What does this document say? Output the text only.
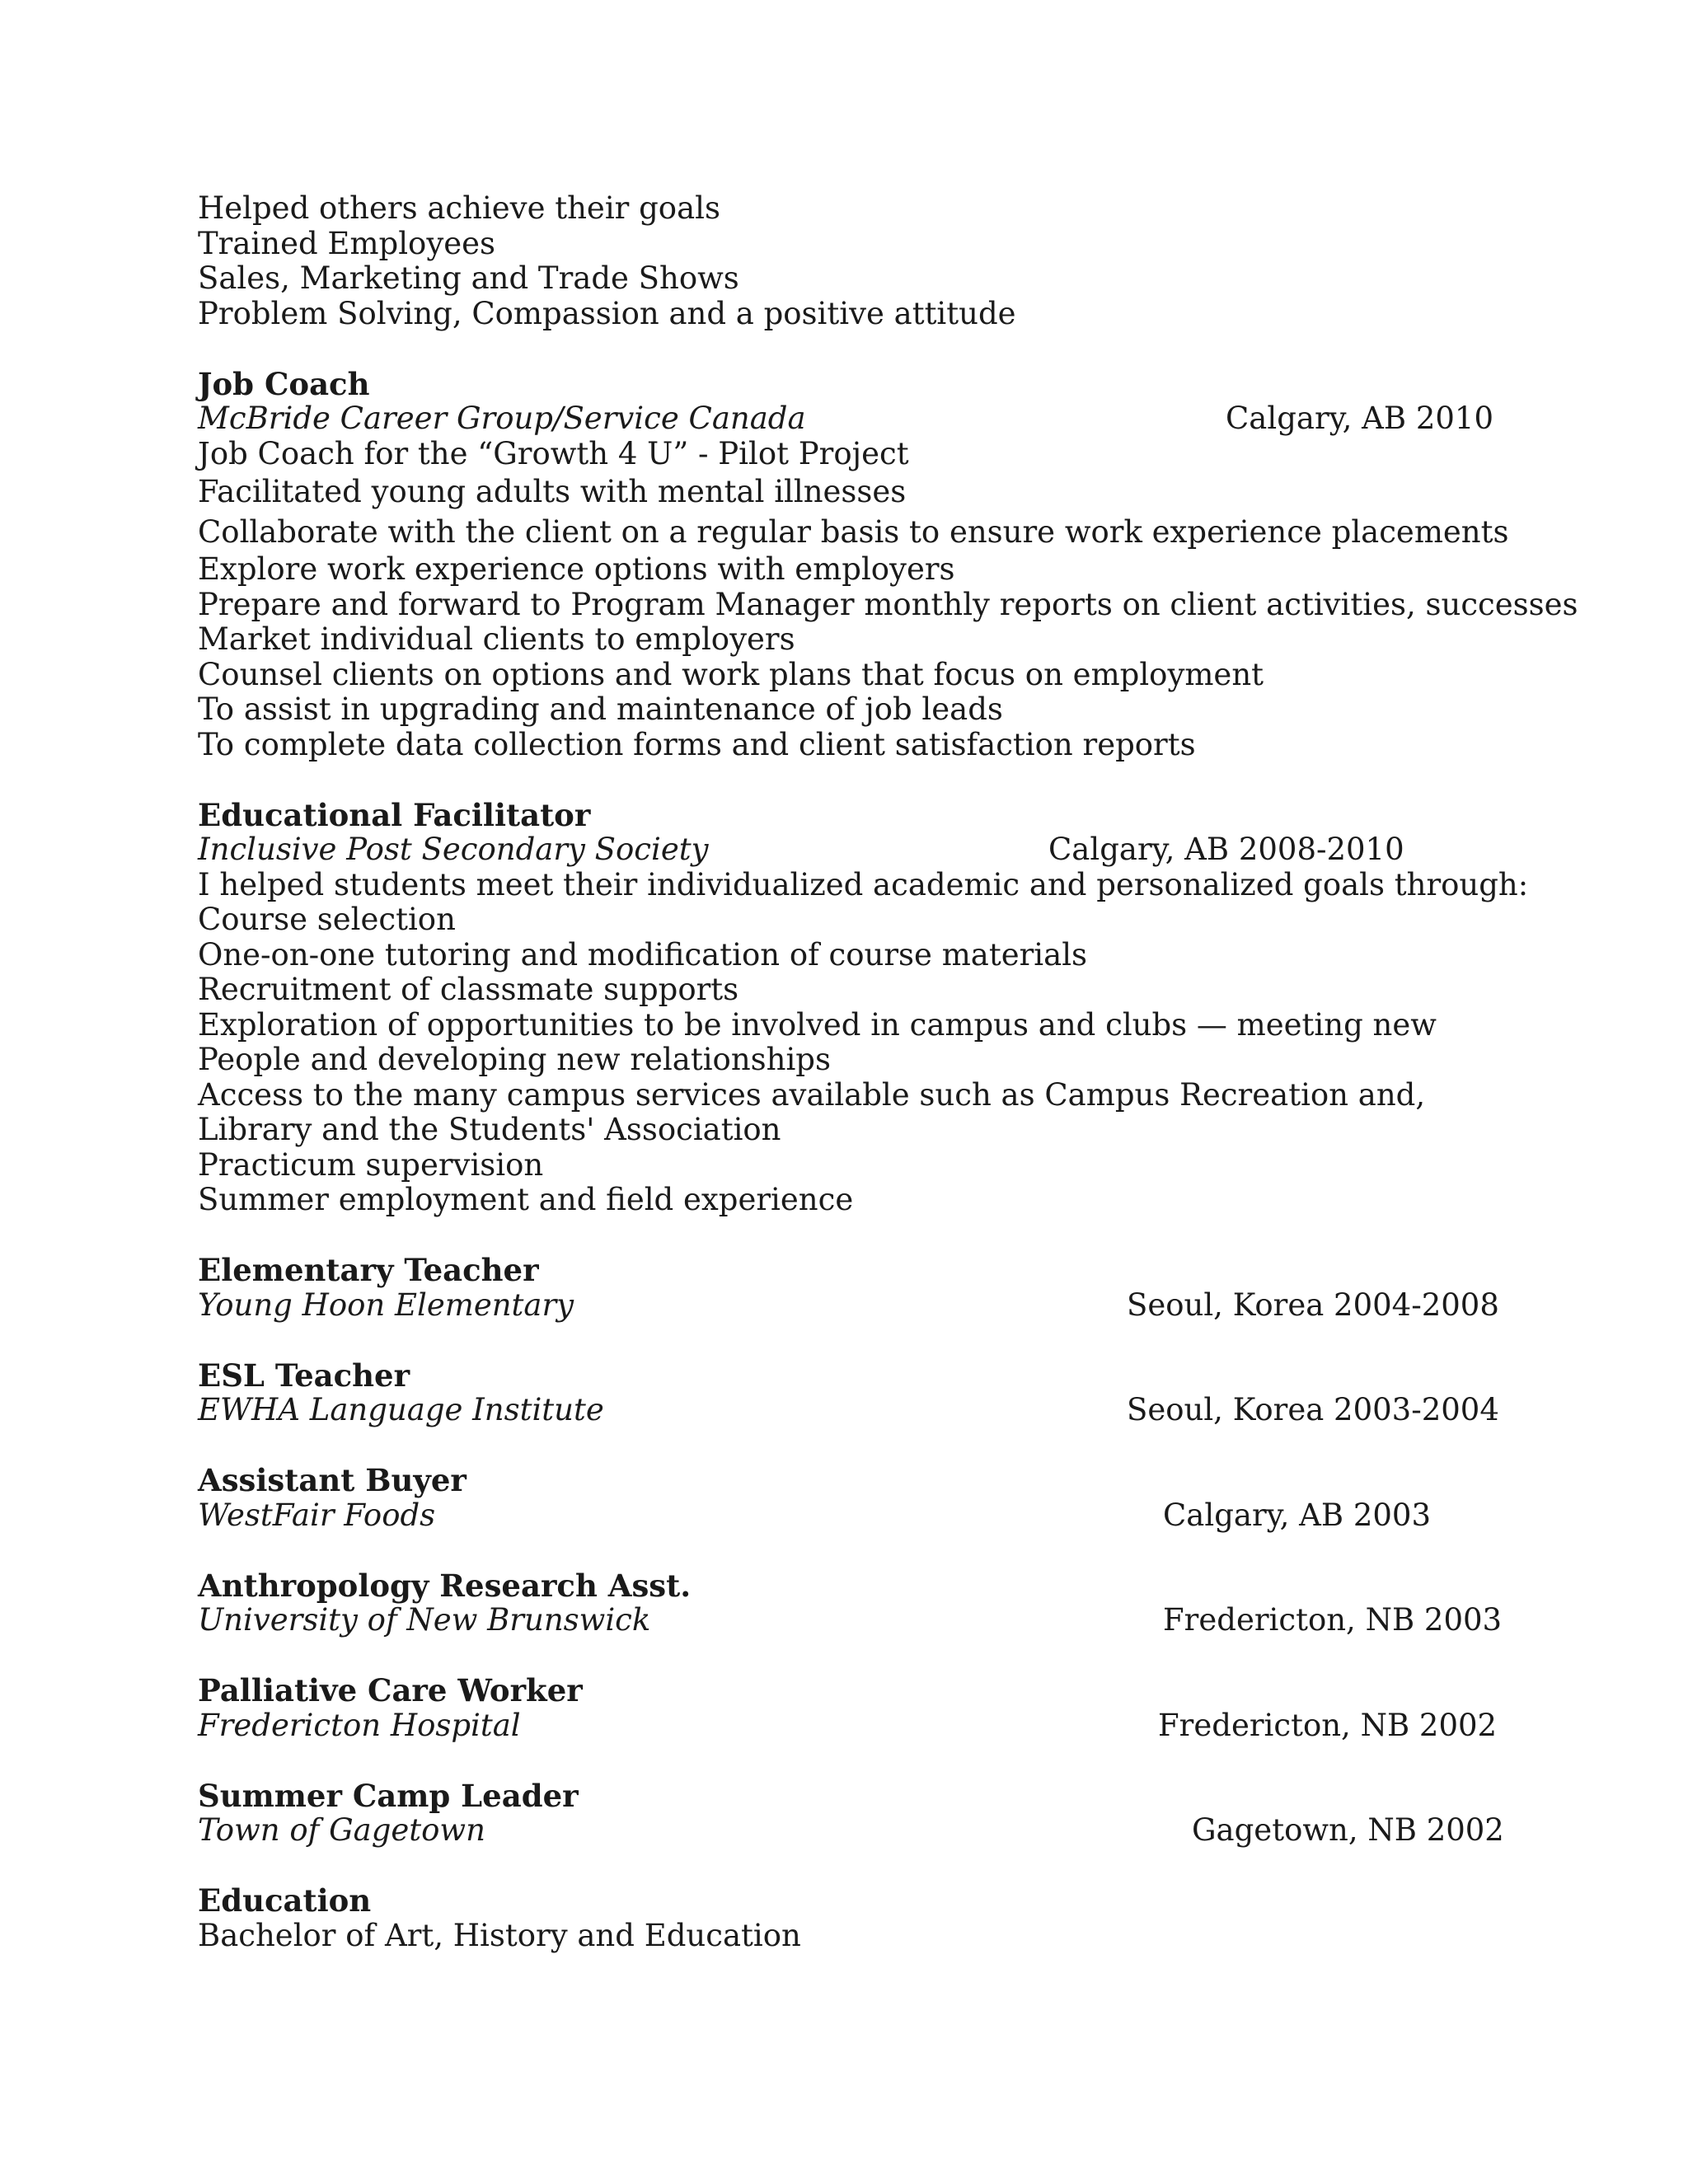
Helped others achieve their goals
Trained Employees
Sales, Marketing and Trade Shows
Problem Solving, Compassion and a positive attitude
Job Coach
McBride Career Group/Service Canada	Calgary, AB 2010
Job Coach for the “Growth 4 U” - Pilot Project
Facilitated young adults with mental illnesses
Collaborate with the client on a regular basis to ensure work experience placements
Explore work experience options with employers
Prepare and forward to Program Manager monthly reports on client activities, successes
Market individual clients to employers
Counsel clients on options and work plans that focus on employment
To assist in upgrading and maintenance of job leads
To complete data collection forms and client satisfaction reports
Educational Facilitator
Inclusive Post Secondary Society	Calgary, AB 2008-2010
I helped students meet their individualized academic and personalized goals through:
Course selection
One-on-one tutoring and modification of course materials
Recruitment of classmate supports
Exploration of opportunities to be involved in campus and clubs — meeting new People and developing new relationships
Access to the many campus services available such as Campus Recreation and, Library and the Students' Association
Practicum supervision
Summer employment and field experience
Elementary Teacher
Young Hoon Elementary	Seoul, Korea 2004-2008
ESL Teacher
EWHA Language Institute	Seoul, Korea 2003-2004
Assistant Buyer
WestFair Foods	Calgary, AB 2003
Anthropology Research Asst.
University of New Brunswick	Fredericton, NB 2003
Palliative Care Worker
Fredericton Hospital	Fredericton, NB 2002
Summer Camp Leader
Town of Gagetown	Gagetown, NB 2002
Education
Bachelor of Art, History and Education
